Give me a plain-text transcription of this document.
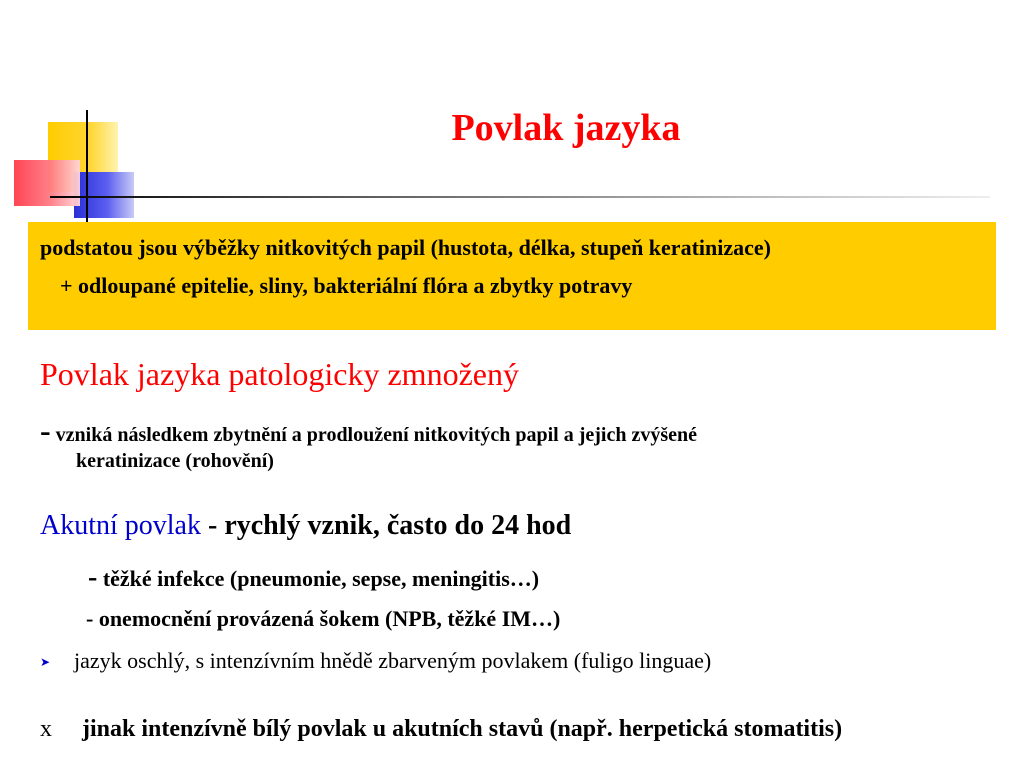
Povlak jazyka

podstatou jsou výběžky nitkovitých papil (hustota, délka, stupeň keratinizace)

+ odloupané epitelie, sliny, bakteriální flóra a zbytky potravy

Povlak jazyka patologicky zmnožený

- vzniká následkem zbytnění a prodloužení nitkovitých papil a jejich zvýšené

keratinizace (rohovění)

Akutní povlak - rychlý vznik, často do 24 hod

- těžké infekce (pneumonie, sepse, meningitis…)

- onemocnění provázená šokem (NPB, těžké IM…)

➤ jazyk oschlý, s intenzívním hnědě zbarveným povlakem (fuligo linguae)

x jinak intenzívně bílý povlak u akutních stavů (např. herpetická stomatitis)
